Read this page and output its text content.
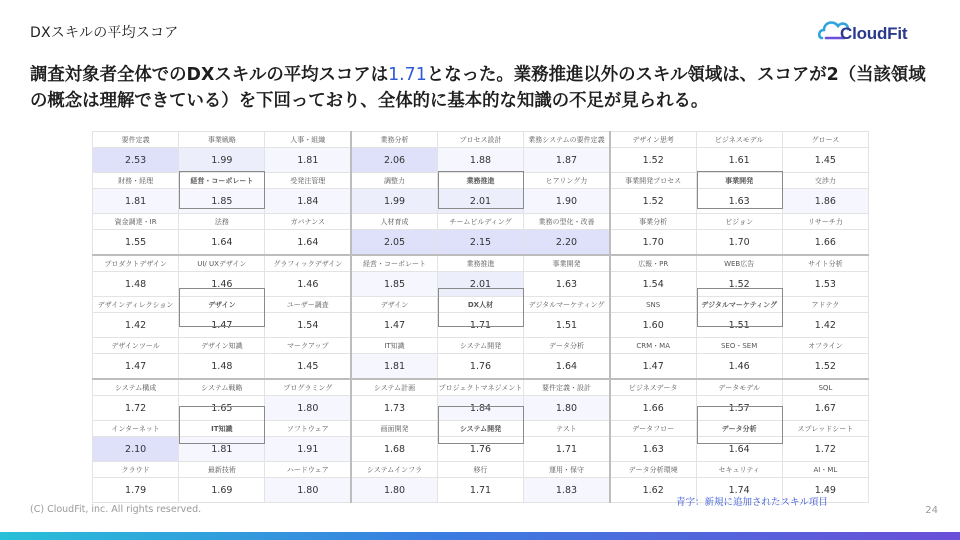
DXスキルの平均スコア	CloudFit
調査対象者全体でのDXスキルの平均スコアは1.71となった。業務推進以外のスキル領域は、スコアが2（当該領域の概念は理解できている）を下回っており、全体的に基本的な知識の不足が見られる。
要件定義	事業戦略	人事・組織	業務分析	プロセス設計	業務システムの要件定義	デザイン思考	ビジネスモデル	グロース
2.53	1.99	1.81	2.06	1.88	1.87	1.52	1.61	1.45
財務・経理	経営・コーポレート	受発注管理	調整力	業務推進	ヒアリング力	事業開発プロセス	事業開発	交渉力
1.81	1.85	1.84	1.99	2.01	1.90	1.52	1.63	1.86
資金調達・IR	法務	ガバナンス	人材育成	チームビルディング	業務の型化・改善	事業分析	ビジョン	リサーチ力
1.55	1.64	1.64	2.05	2.15	2.20	1.70	1.70	1.66
プロダクトデザイン	UI/ UXデザイン	グラフィックデザイン	経営・コーポレート	業務推進	事業開発	広報・PR	WEB広告	サイト分析
1.48	1.46	1.46	1.85	2.01	1.63	1.54	1.52	1.53
デザインディレクション	デザイン	ユーザー調査	デザイン	DX人材	デジタルマーケティング	SNS	デジタルマーケティング	アドテク
1.42	1.47	1.54	1.47	1.71	1.51	1.60	1.51	1.42
デザインツール	デザイン知識	マークアップ	IT知識	システム開発	データ分析	CRM・MA	SEO・SEM	オフライン
1.47	1.48	1.45	1.81	1.76	1.64	1.47	1.46	1.52
システム構成	システム戦略	プログラミング	システム計画	プロジェクトマネジメント	要件定義・設計	ビジネスデータ	データモデル	SQL
1.72	1.65	1.80	1.73	1.84	1.80	1.66	1.57	1.67
インターネット	IT知識	ソフトウェア	画面開発	システム開発	テスト	データフロー	データ分析	スプレッドシート
2.10	1.81	1.91	1.68	1.76	1.71	1.63	1.64	1.72
クラウド	最新技術	ハードウェア	システムインフラ	移行	運用・保守	データ分析環境	セキュリティ	AI・ML
1.79	1.69	1.80	1.80	1.71	1.83	1.62	1.74	1.49
青字：新規に追加されたスキル項目
(C) CloudFit, inc. All rights reserved.	24
